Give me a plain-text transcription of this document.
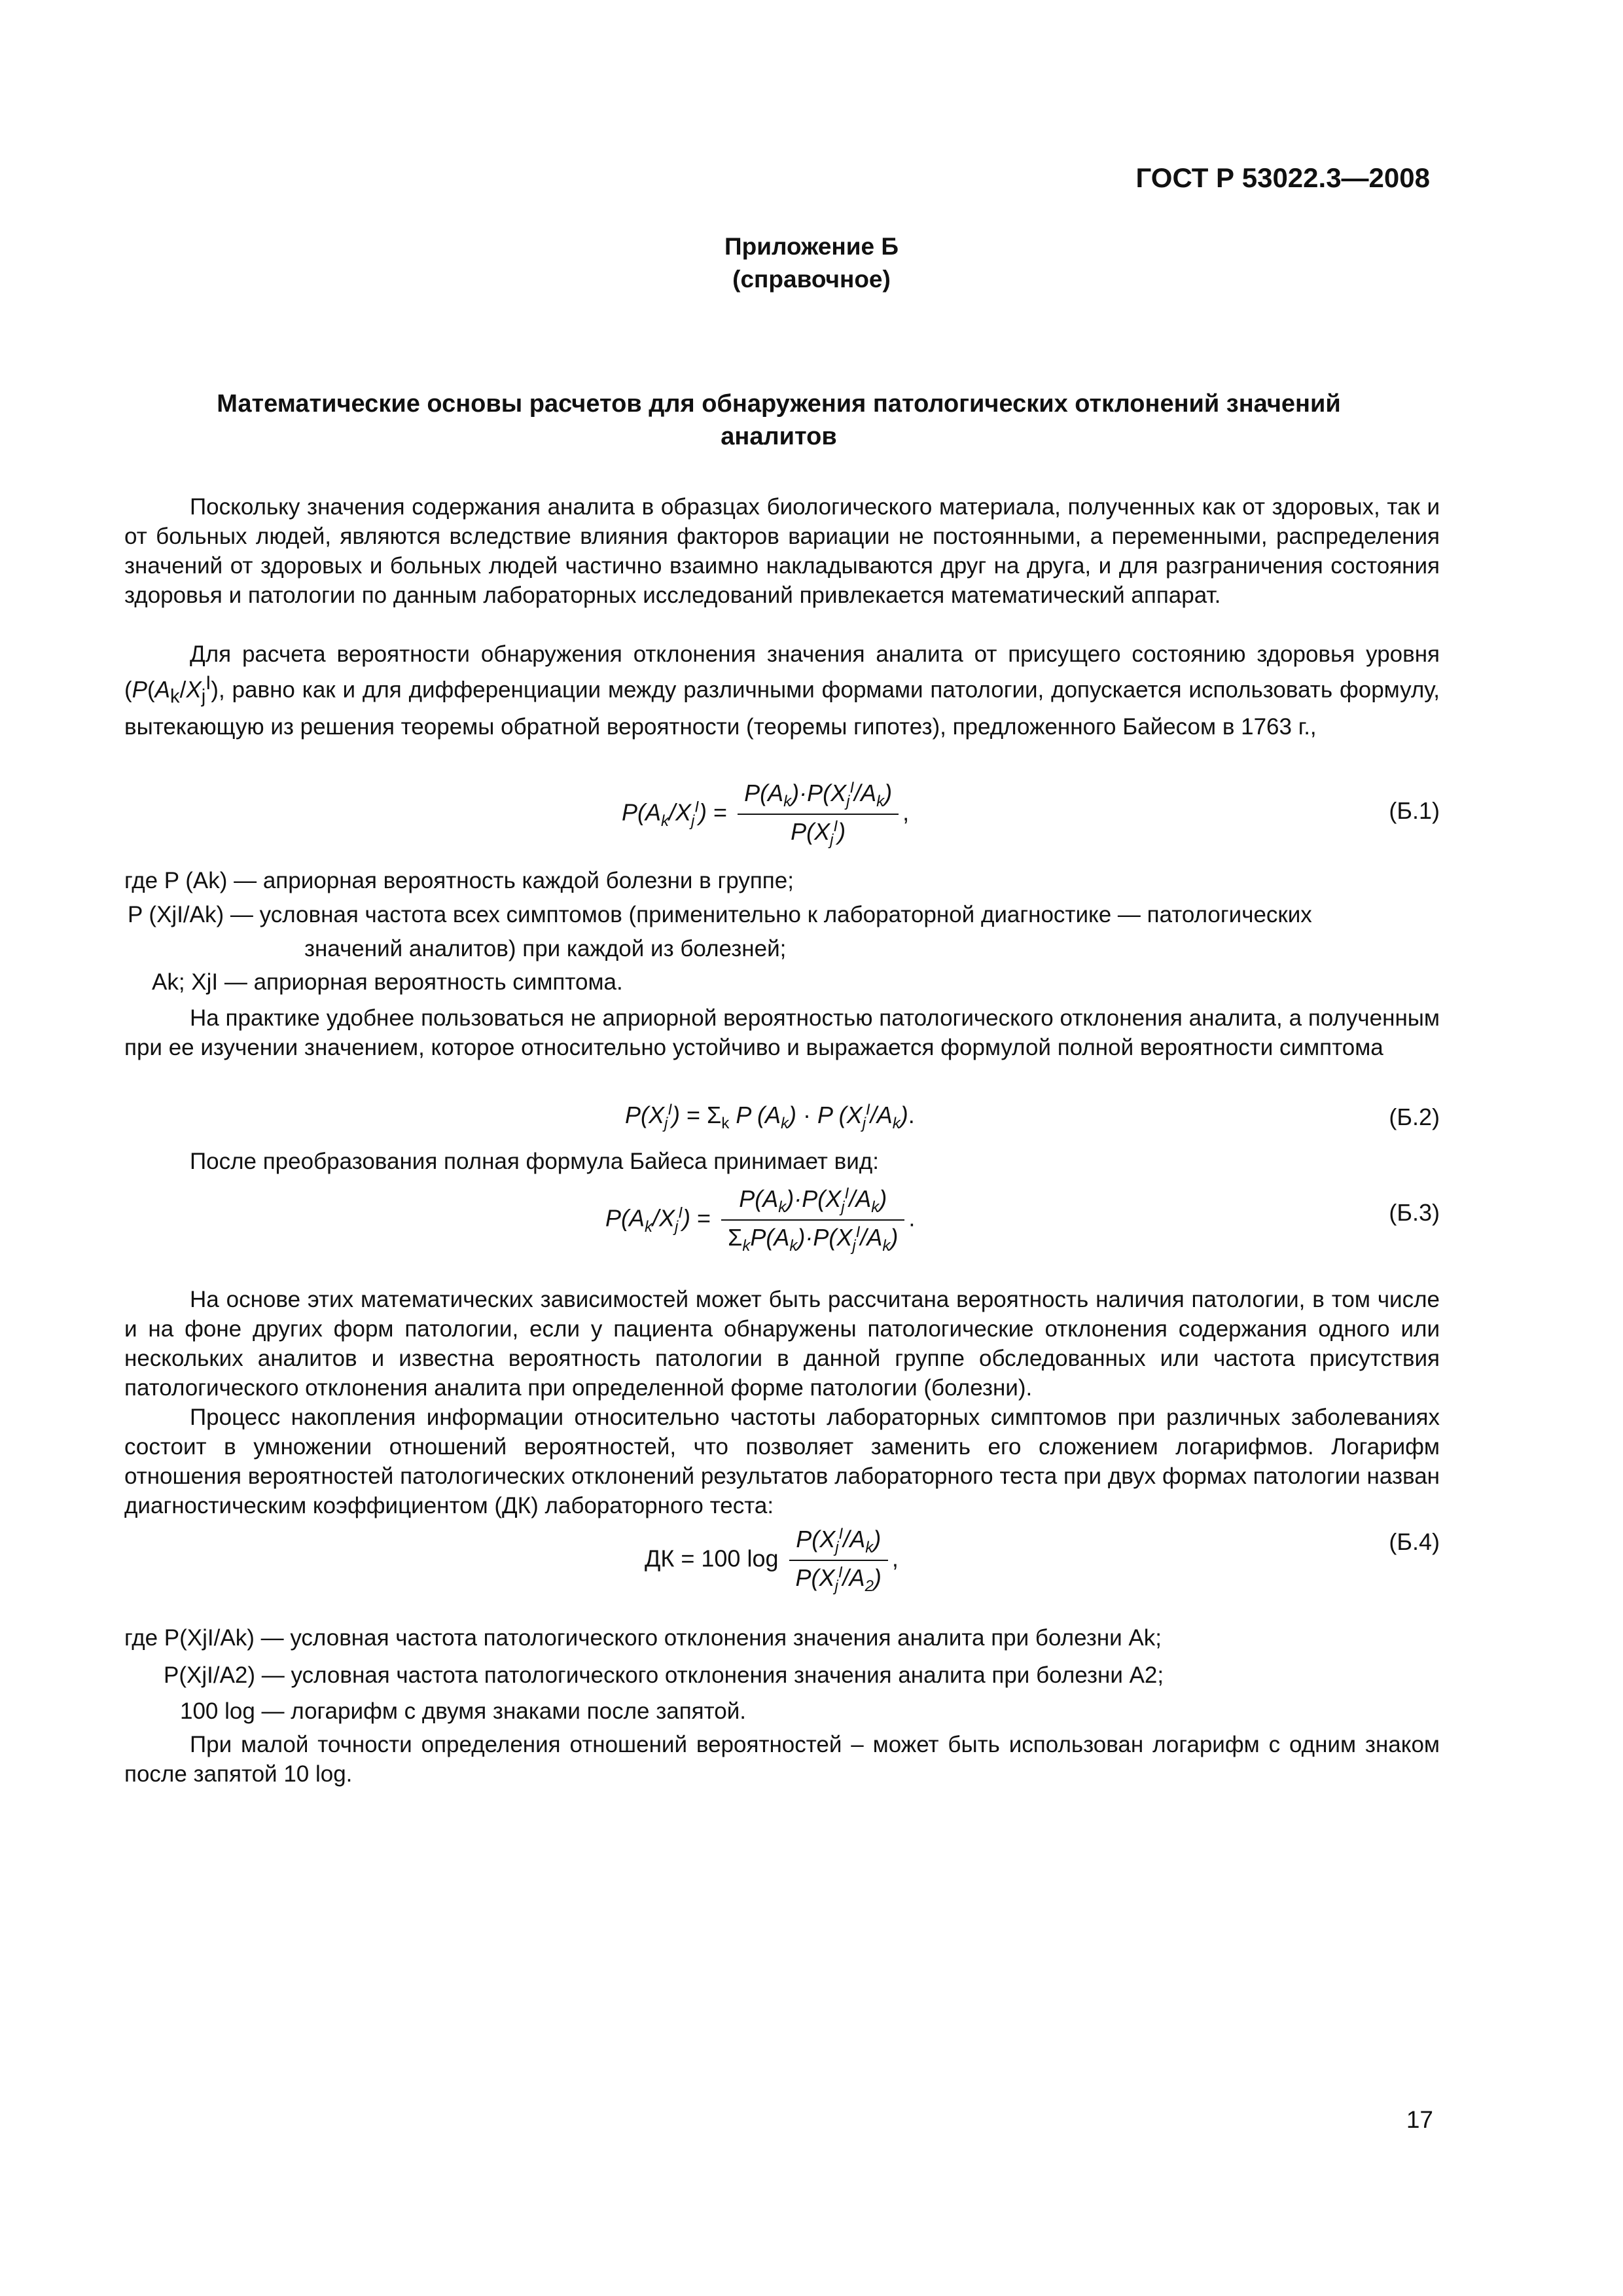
ГОСТ Р 53022.3—2008
Приложение Б
(справочное)
Математические основы расчетов для обнаружения патологических отклонений значений аналитов

Поскольку значения содержания аналита в образцах биологического материала, полученных как от здоровых, так и от больных людей, являются вследствие влияния факторов вариации не постоянными, а переменными, распределения значений от здоровых и больных людей частично взаимно накладываются друг на друга, и для разграничения состояния здоровья и патологии по данным лабораторных исследований привлекается математический аппарат.

Для расчета вероятности обнаружения отклонения значения аналита от присущего состоянию здоровья уровня ($P(A_k/X_j^I)$, равно как и для дифференциации между различными формами патологии, допускается использовать формулу, вытекающую из решения теоремы обратной вероятности (теоремы гипотез), предложенного Байесом в 1763 г.,

$P(A_k/X_j^I) = \frac{P(A_k)\cdot P(X_j^I/A_k)}{P(X_j^I)}$ ,	(Б.1)
где P (Ak) — априорная вероятность каждой болезни в группе;
P (XjI/Ak) — условная частота всех симптомов (применительно к лабораторной диагностике — патологических
значений аналитов) при каждой из болезней;
Ak; XjI — априорная вероятность симптома.

На практике удобнее пользоваться не априорной вероятностью патологического отклонения аналита, а полученным при ее изучении значением, которое относительно устойчиво и выражается формулой полной вероятности симптома

$P(X_j^I) = \Sigma_k$ P $(A_k) \cdot P$ $(X_j^I/A_k)$.	(Б.2)

После преобразования полная формула Байеса принимает вид:

$P(A_k/X_j^I) = \frac{P(A_k)\cdot P(X_j^I/A_k)}{\Sigma_kP(A_k)\cdot P(X_j^I/A_k)}$ .	(Б.3)

На основе этих математических зависимостей может быть рассчитана вероятность наличия патологии, в том числе и на фоне других форм патологии, если у пациента обнаружены патологические отклонения содержания одного или нескольких аналитов и известна вероятность патологии в данной группе обследованных или частота присутствия патологического отклонения аналита при определенной форме патологии (болезни).

Процесс накопления информации относительно частоты лабораторных симптомов при различных заболеваниях состоит в умножении отношений вероятностей, что позволяет заменить его сложением логарифмов. Логарифм отношения вероятностей патологических отклонений результатов лабораторного теста при двух формах патологии назван диагностическим коэффициентом (ДК) лабораторного теста:

ДК = 100 $\log \frac{P(X_j^I/A_k)}{P(X_j^I/A_2)}$ ,
(Б.4)
где P(XjI/Ak) — условная частота патологического отклонения значения аналита при болезни Ak;
P(XjI/A2) — условная частота патологического отклонения значения аналита при болезни A2;
100 log — логарифм с двумя знаками после запятой.

При малой точности определения отношений вероятностей – может быть использован логарифм с одним знаком после запятой 10 log.

17
